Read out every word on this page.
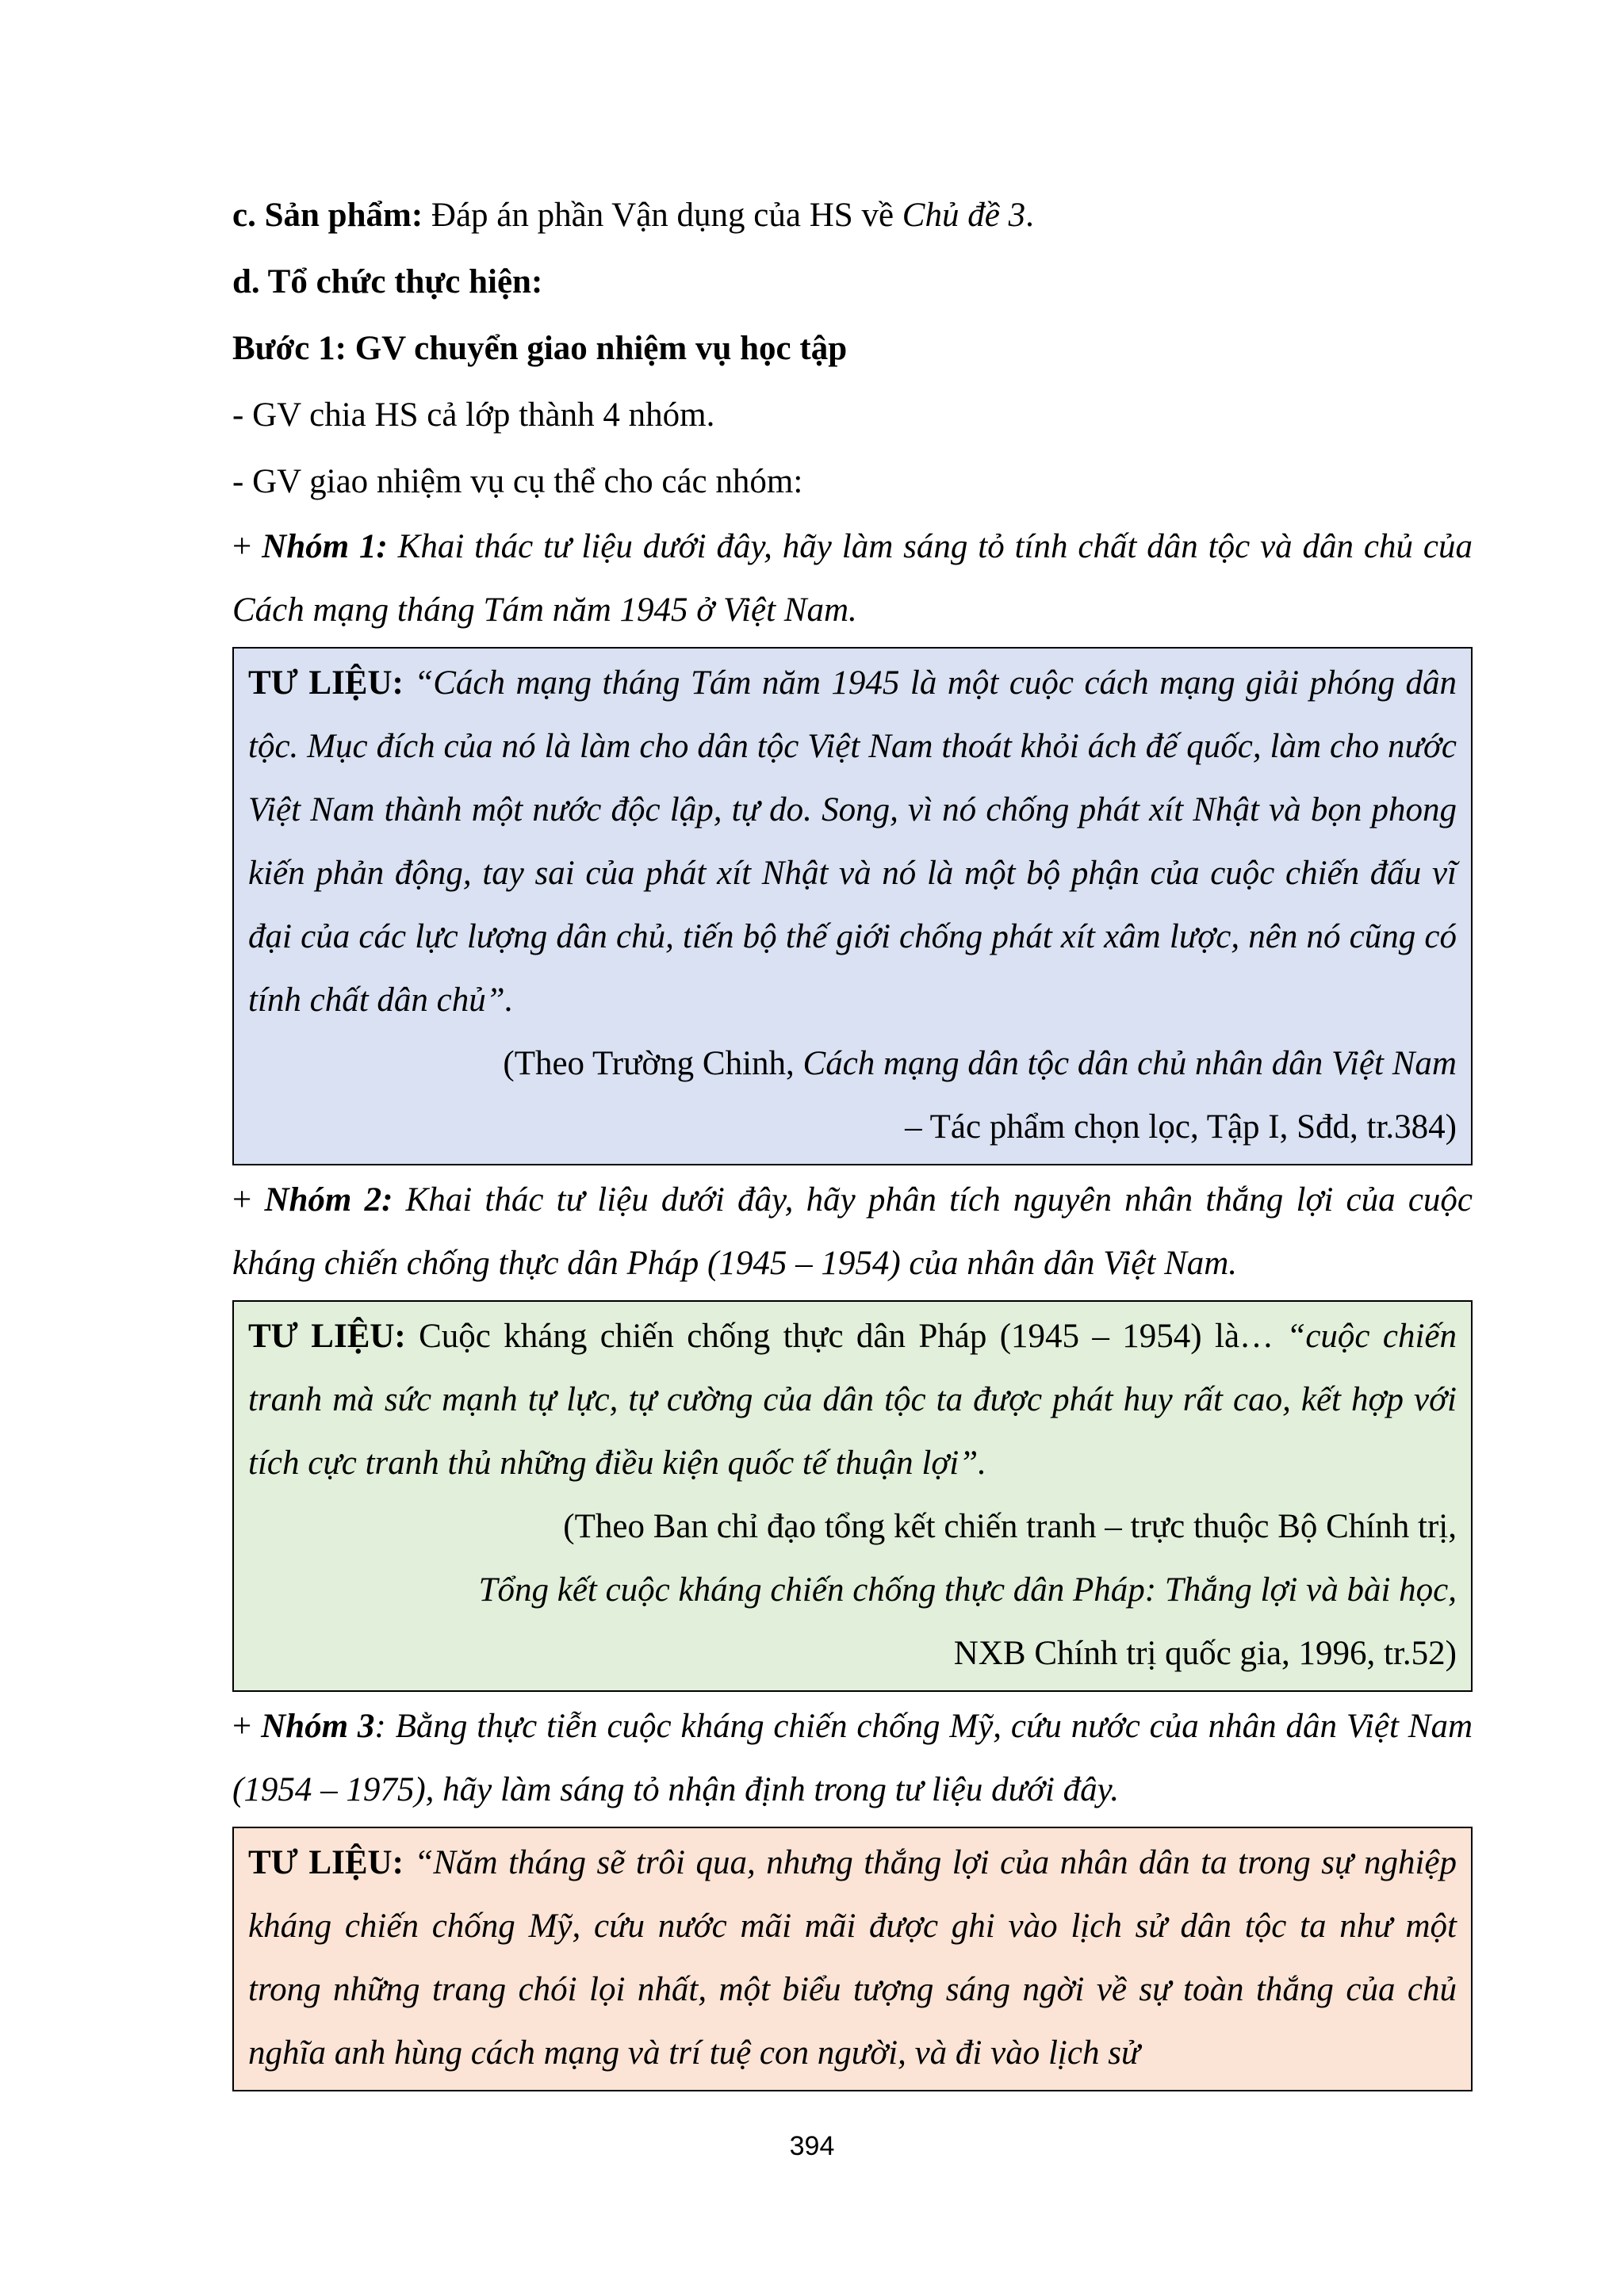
c. Sản phẩm: Đáp án phần Vận dụng của HS về Chủ đề 3.

d. Tổ chức thực hiện:

Bước 1: GV chuyển giao nhiệm vụ học tập

- GV chia HS cả lớp thành 4 nhóm.

- GV giao nhiệm vụ cụ thể cho các nhóm:

+ Nhóm 1: Khai thác tư liệu dưới đây, hãy làm sáng tỏ tính chất dân tộc và dân chủ của Cách mạng tháng Tám năm 1945 ở Việt Nam.

TƯ LIỆU: “Cách mạng tháng Tám năm 1945 là một cuộc cách mạng giải phóng dân tộc. Mục đích của nó là làm cho dân tộc Việt Nam thoát khỏi ách đế quốc, làm cho nước Việt Nam thành một nước độc lập, tự do. Song, vì nó chống phát xít Nhật và bọn phong kiến phản động, tay sai của phát xít Nhật và nó là một bộ phận của cuộc chiến đấu vĩ đại của các lực lượng dân chủ, tiến bộ thế giới chống phát xít xâm lược, nên nó cũng có tính chất dân chủ”.

(Theo Trường Chinh, Cách mạng dân tộc dân chủ nhân dân Việt Nam

– Tác phẩm chọn lọc, Tập I, Sđd, tr.384)

+ Nhóm 2: Khai thác tư liệu dưới đây, hãy phân tích nguyên nhân thắng lợi của cuộc kháng chiến chống thực dân Pháp (1945 – 1954) của nhân dân Việt Nam.

TƯ LIỆU: Cuộc kháng chiến chống thực dân Pháp (1945 – 1954) là… “cuộc chiến tranh mà sức mạnh tự lực, tự cường của dân tộc ta được phát huy rất cao, kết hợp với tích cực tranh thủ những điều kiện quốc tế thuận lợi”.

(Theo Ban chỉ đạo tổng kết chiến tranh – trực thuộc Bộ Chính trị,

Tổng kết cuộc kháng chiến chống thực dân Pháp: Thắng lợi và bài học,

NXB Chính trị quốc gia, 1996, tr.52)

+ Nhóm 3: Bằng thực tiễn cuộc kháng chiến chống Mỹ, cứu nước của nhân dân Việt Nam (1954 – 1975), hãy làm sáng tỏ nhận định trong tư liệu dưới đây.

TƯ LIỆU: “Năm tháng sẽ trôi qua, nhưng thắng lợi của nhân dân ta trong sự nghiệp kháng chiến chống Mỹ, cứu nước mãi mãi được ghi vào lịch sử dân tộc ta như một trong những trang chói lọi nhất, một biểu tượng sáng ngời về sự toàn thắng của chủ nghĩa anh hùng cách mạng và trí tuệ con người, và đi vào lịch sử

394
